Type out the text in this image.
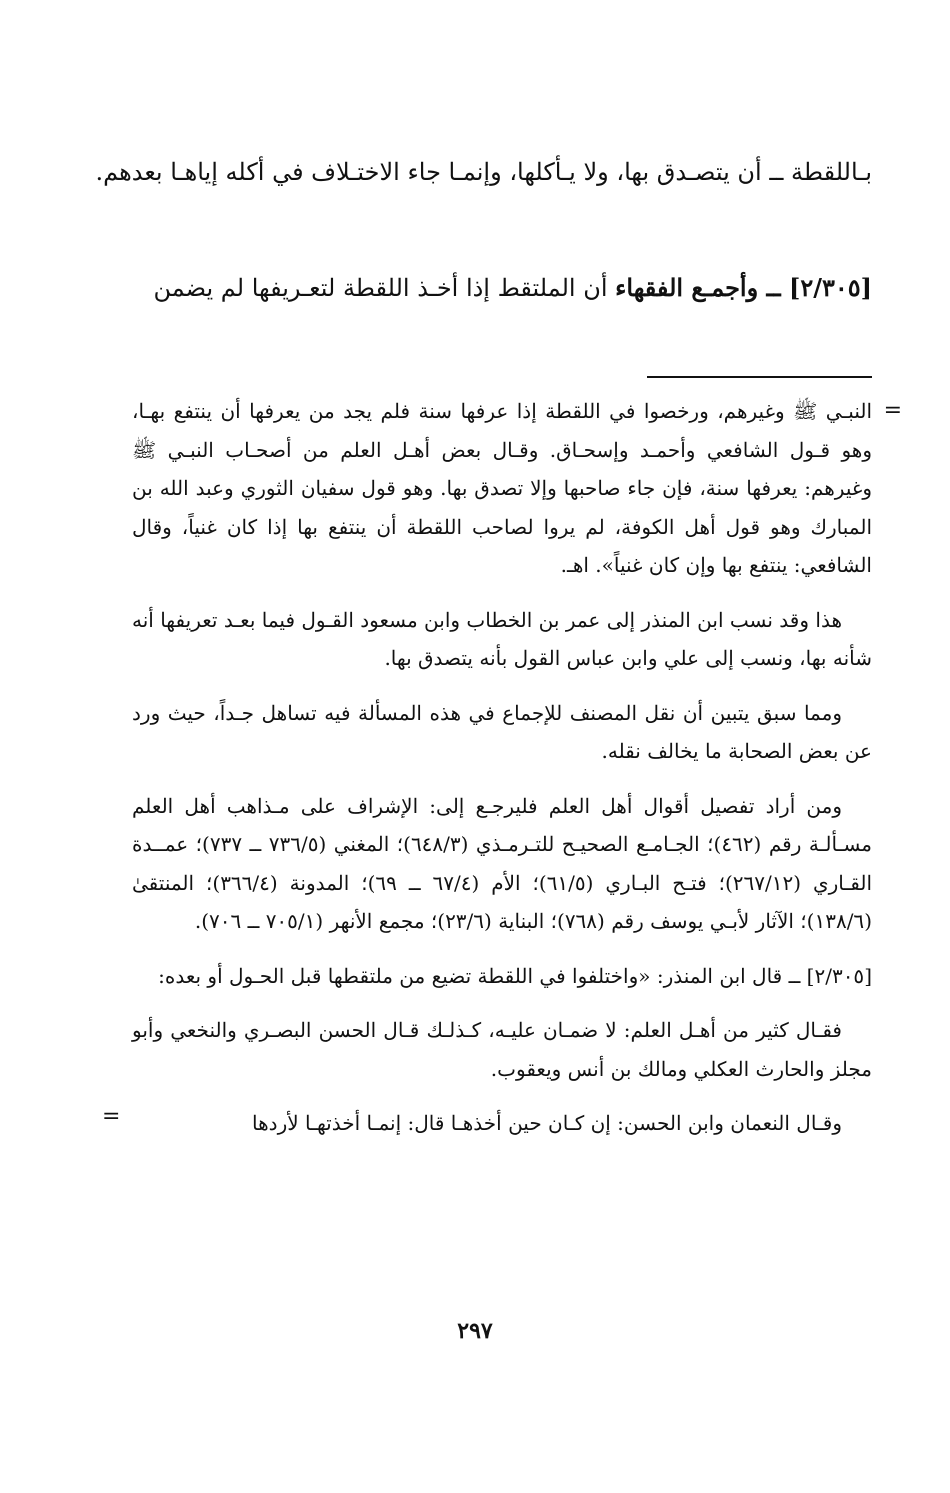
بـاللقطة ــ أن يتصـدق بها، ولا يـأكلها، وإنمـا جاء الاختـلاف في أكله إياهـا بعدهم.

[٢/٣٠٥] ــ وأجمـع الفقهاء أن الملتقط إذا أخـذ اللقطة لتعـريفها لم يضمن

=
النبـي ﷺ وغيرهم، ورخصوا في اللقطة إذا عرفها سنة فلم يجد من يعرفها أن ينتفع بهـا، وهو قـول الشافعي وأحمـد وإسحـاق. وقـال بعض أهـل العلم من أصحـاب النبـي ﷺ وغيرهم: يعرفها سنة، فإن جاء صاحبها وإلا تصدق بها. وهو قول سفيان الثوري وعبد الله بن المبارك وهو قول أهل الكوفة، لم يروا لصاحب اللقطة أن ينتفع بها إذا كان غنياً، وقال الشافعي: ينتفع بها وإن كان غنياً». اهـ.

هذا وقد نسب ابن المنذر إلى عمر بن الخطاب وابن مسعود القـول فيما بعـد تعريفها أنه شأنه بها، ونسب إلى علي وابن عباس القول بأنه يتصدق بها.

ومما سبق يتبين أن نقل المصنف للإجماع في هذه المسألة فيه تساهل جـداً، حيث ورد عن بعض الصحابة ما يخالف نقله.

ومن أراد تفصيل أقوال أهل العلم فليرجـع إلى: الإشراف على مـذاهب أهل العلم مسـألـة رقم (٤٦٢)؛ الجـامـع الصحيـح للتـرمـذي (٦٤٨/٣)؛ المغني (٧٣٦/٥ ــ ٧٣٧)؛ عمــدة القـاري (٢٦٧/١٢)؛ فتـح البـاري (٦١/٥)؛ الأم (٦٧/٤ ــ ٦٩)؛ المدونة (٣٦٦/٤)؛ المنتقىٰ (١٣٨/٦)؛ الآثار لأبـي يوسف رقم (٧٦٨)؛ البناية (٢٣/٦)؛ مجمع الأنهر (٧٠٥/١ ــ ٧٠٦).

[٢/٣٠٥] ــ قال ابن المنذر: «واختلفوا في اللقطة تضيع من ملتقطها قبل الحـول أو بعده:

فقـال كثير من أهـل العلم: لا ضمـان عليـه، كـذلـك قـال الحسن البصـري والنخعي وأبو مجلز والحارث العكلي ومالك بن أنس ويعقوب.

وقـال النعمان وابن الحسن: إن كـان حين أخذهـا قال: إنمـا أخذتهـا لأردها
=

٢٩٧
